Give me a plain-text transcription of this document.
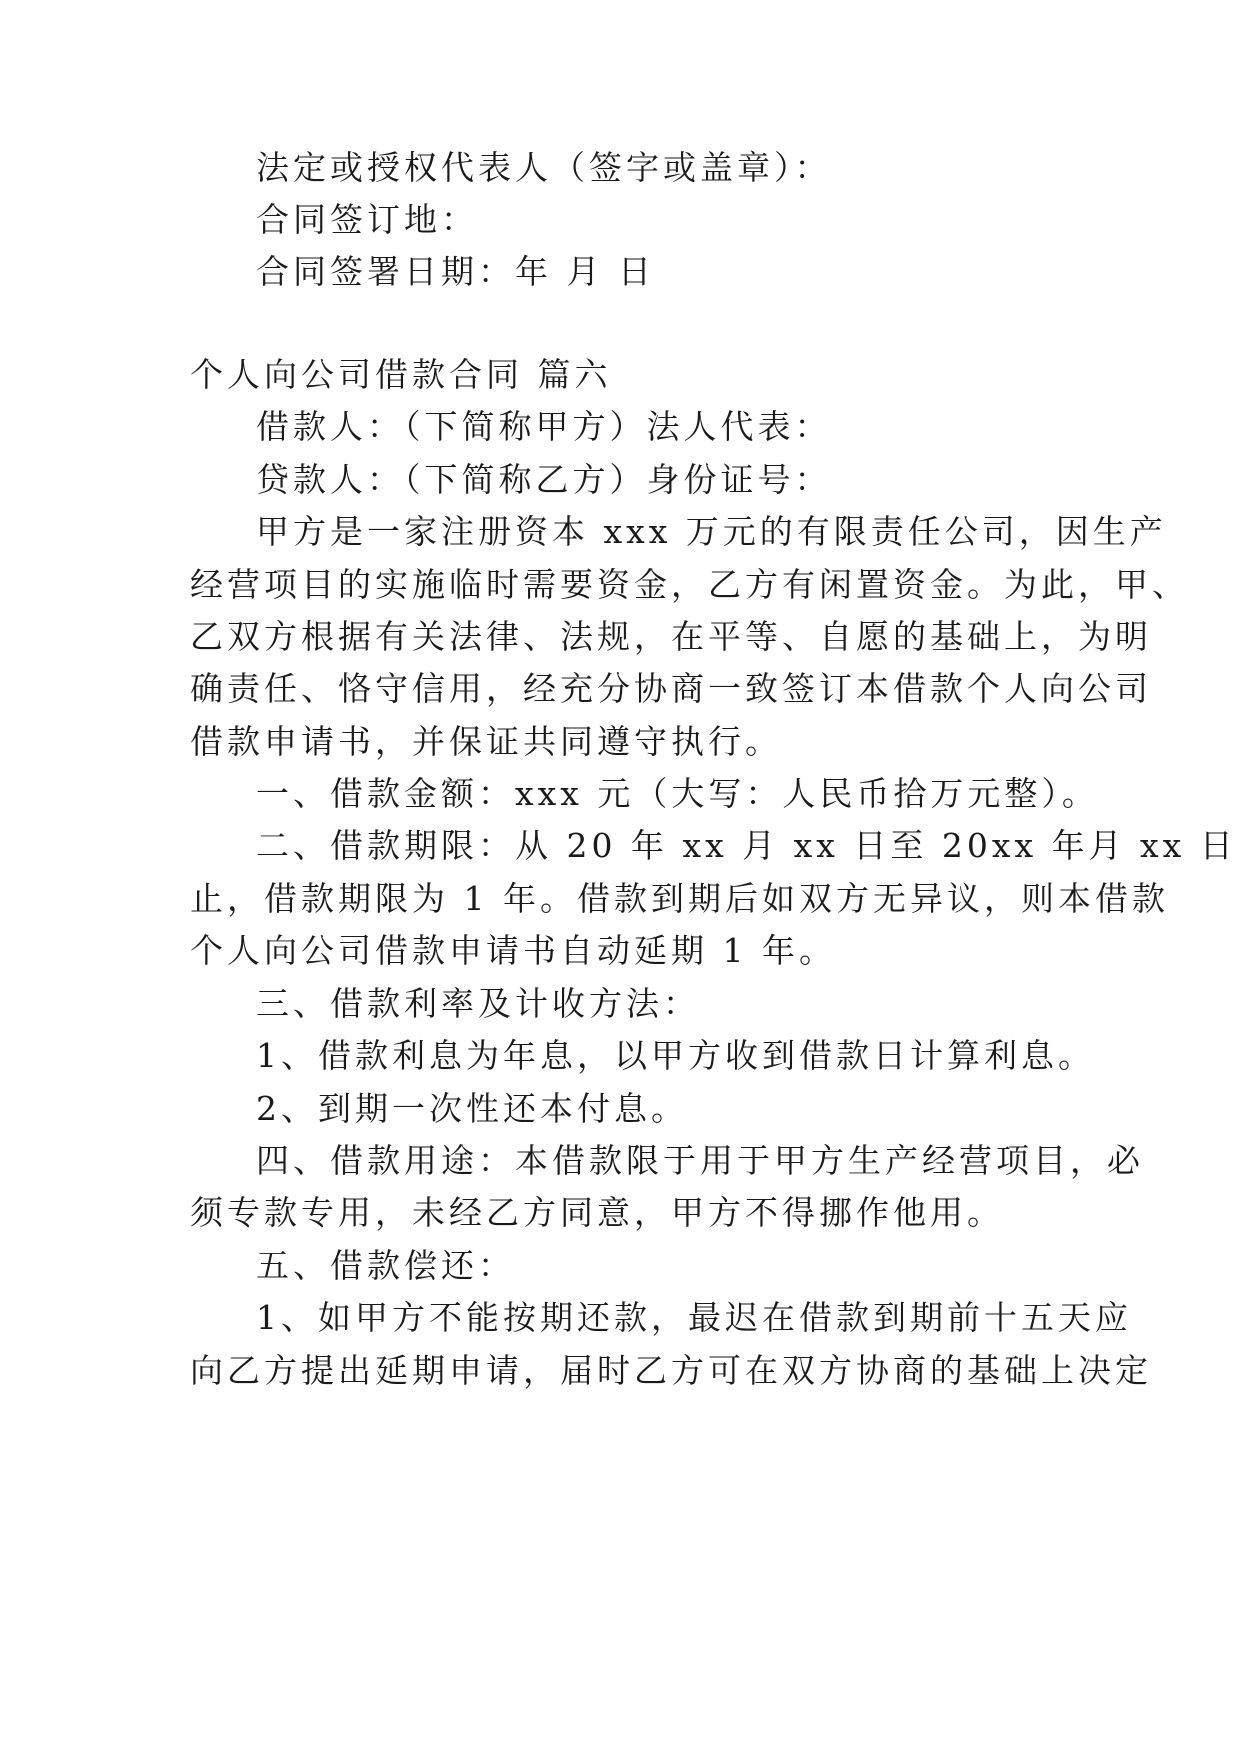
法定或授权代表人（签字或盖章）：
合同签订地：
合同签署日期：年 月 日
个人向公司借款合同 篇六
借款人：（下简称甲方）法人代表：
贷款人：（下简称乙方）身份证号：
甲方是一家注册资本 xxx 万元的有限责任公司，因生产
经营项目的实施临时需要资金，乙方有闲置资金。为此，甲、
乙双方根据有关法律、法规，在平等、自愿的基础上，为明
确责任、恪守信用，经充分协商一致签订本借款个人向公司
借款申请书，并保证共同遵守执行。
一、借款金额：xxx 元（大写：人民币拾万元整）。
二、借款期限：从 20 年 xx 月 xx 日至 20xx 年月 xx 日
止，借款期限为 1 年。借款到期后如双方无异议，则本借款
个人向公司借款申请书自动延期 1 年。
三、借款利率及计收方法：
1、借款利息为年息，以甲方收到借款日计算利息。
2、到期一次性还本付息。
四、借款用途：本借款限于用于甲方生产经营项目，必
须专款专用，未经乙方同意，甲方不得挪作他用。
五、借款偿还：
1、如甲方不能按期还款，最迟在借款到期前十五天应
向乙方提出延期申请，届时乙方可在双方协商的基础上决定
